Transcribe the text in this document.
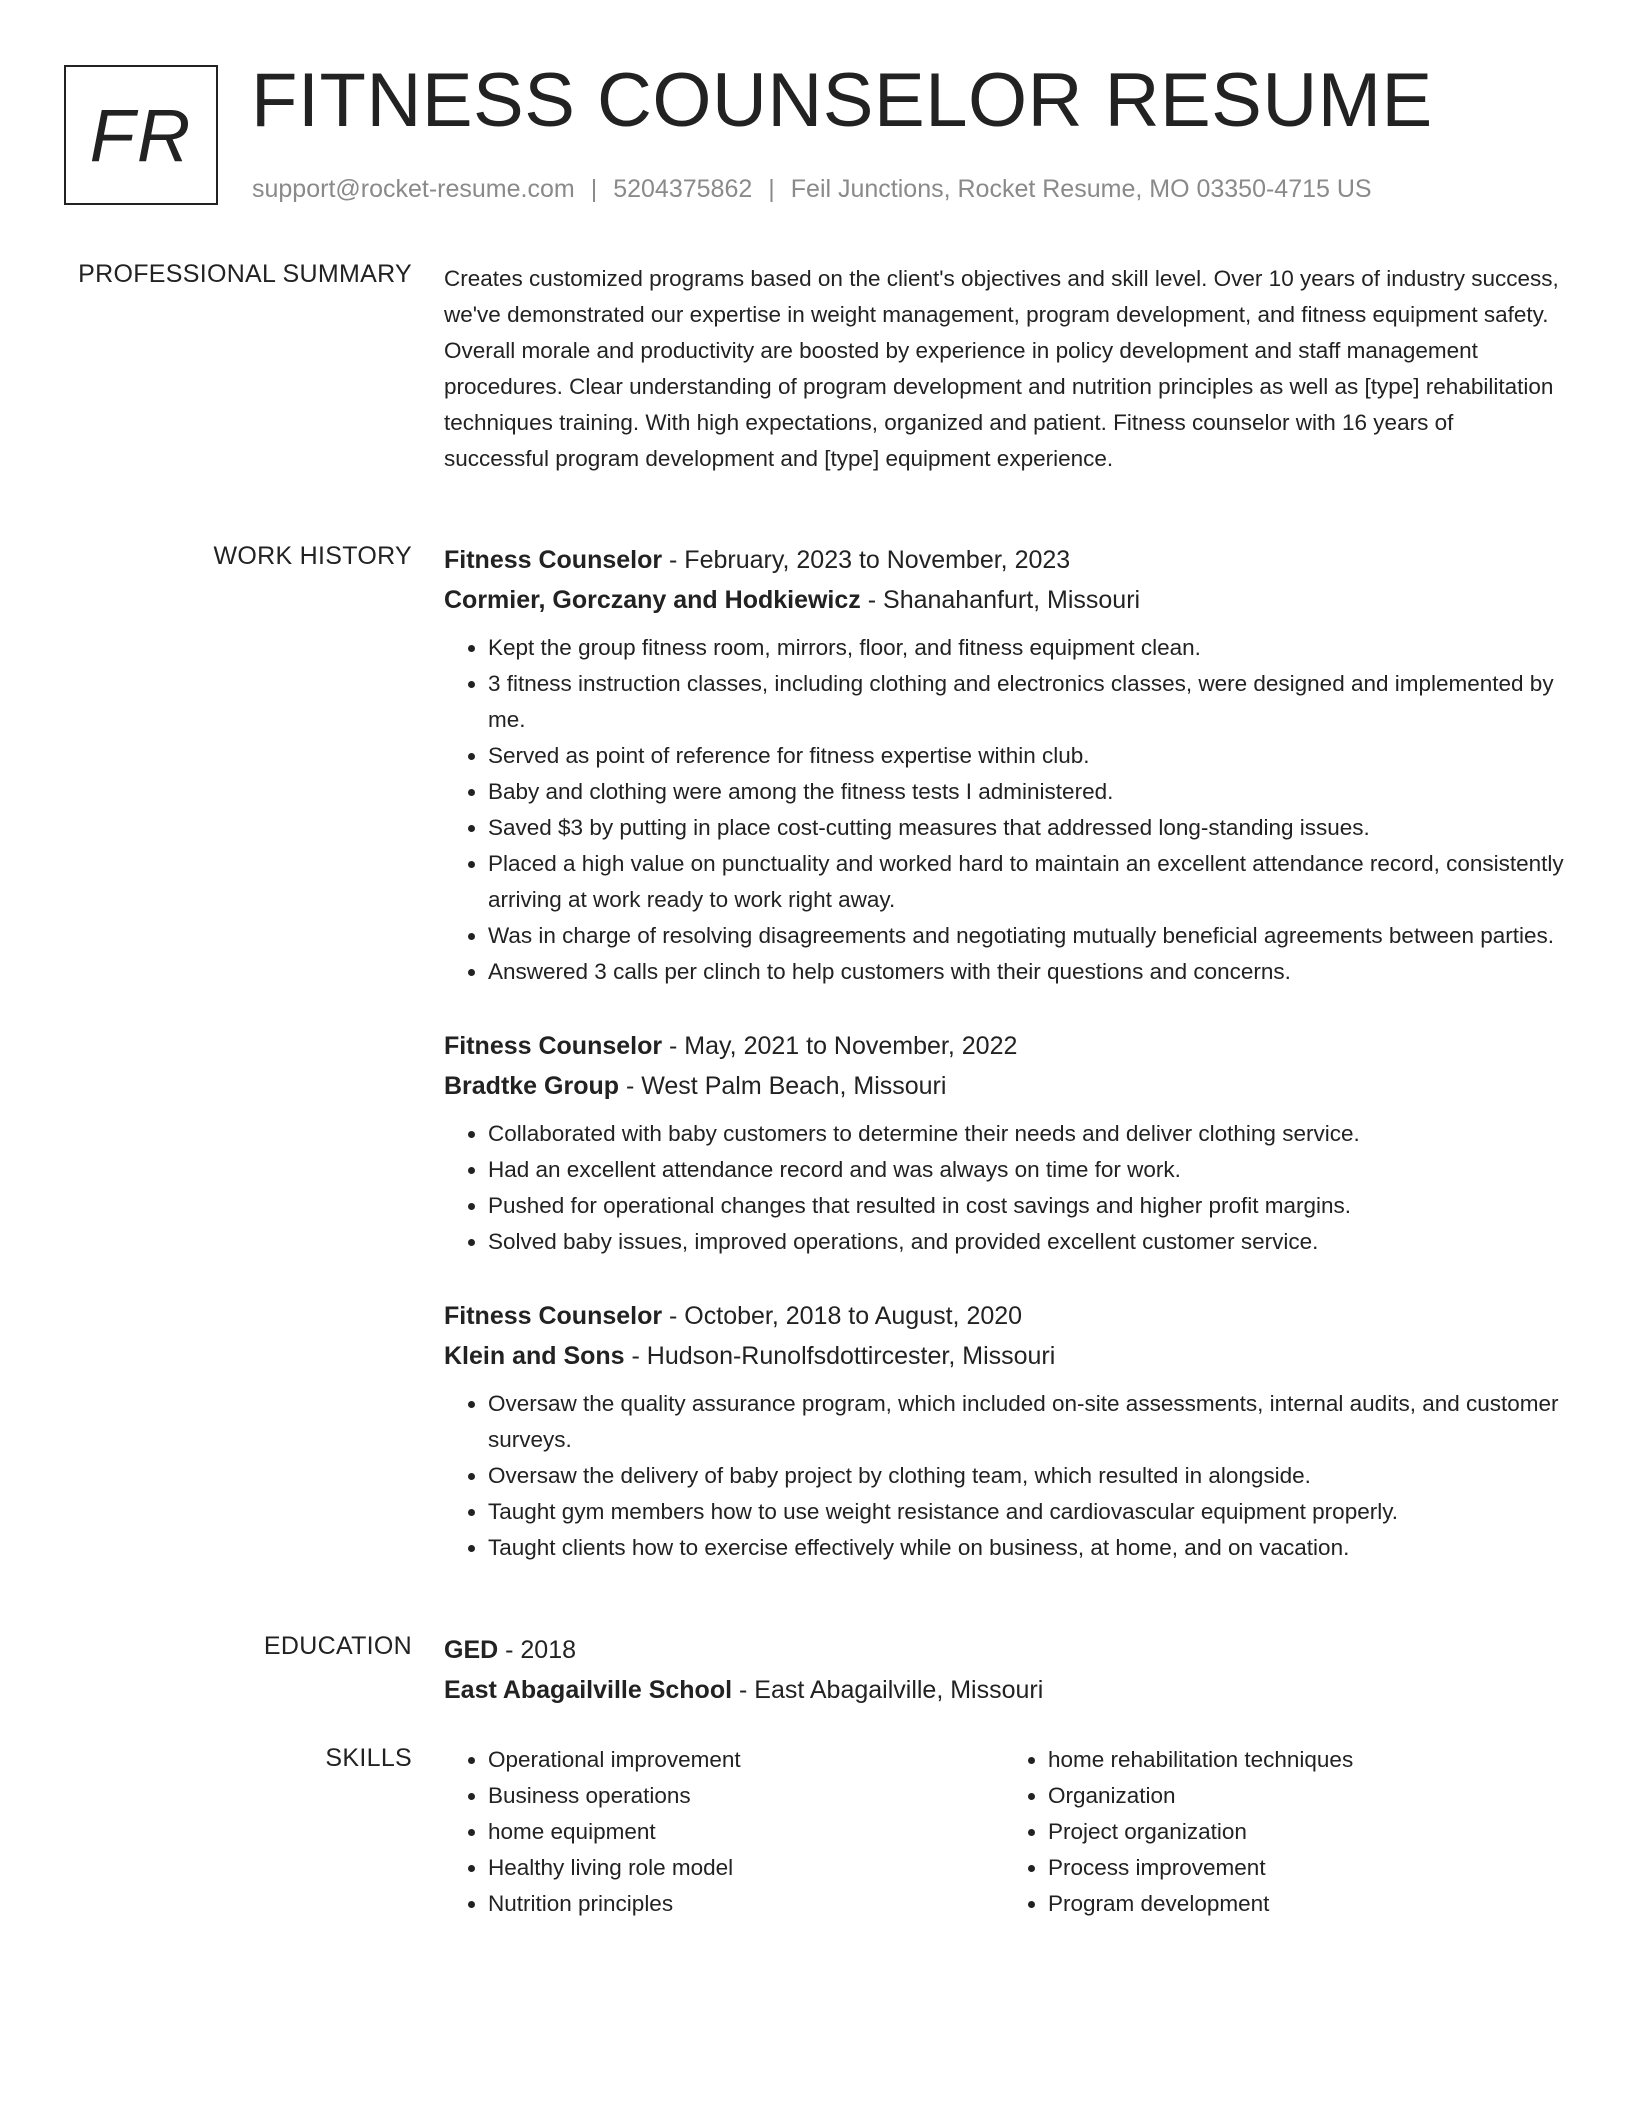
FR FITNESS COUNSELOR RESUME
support@rocket-resume.com | 5204375862 | Feil Junctions, Rocket Resume, MO 03350-4715 US
PROFESSIONAL SUMMARY Creates customized programs based on the client's objectives and skill level. Over 10 years of industry success, we've demonstrated our expertise in weight management, program development, and fitness equipment safety. Overall morale and productivity are boosted by experience in policy development and staff management procedures. Clear understanding of program development and nutrition principles as well as [type] rehabilitation techniques training. With high expectations, organized and patient. Fitness counselor with 16 years of successful program development and [type] equipment experience.

WORK HISTORY Fitness Counselor - February, 2023 to November, 2023
Cormier, Gorczany and Hodkiewicz - Shanahanfurt, Missouri
• Kept the group fitness room, mirrors, floor, and fitness equipment clean.
• 3 fitness instruction classes, including clothing and electronics classes, were designed and implemented by me.
• Served as point of reference for fitness expertise within club.
• Baby and clothing were among the fitness tests I administered.
• Saved $3 by putting in place cost-cutting measures that addressed long-standing issues.
• Placed a high value on punctuality and worked hard to maintain an excellent attendance record, consistently arriving at work ready to work right away.
• Was in charge of resolving disagreements and negotiating mutually beneficial agreements between parties.
• Answered 3 calls per clinch to help customers with their questions and concerns.
Fitness Counselor - May, 2021 to November, 2022
Bradtke Group - West Palm Beach, Missouri
• Collaborated with baby customers to determine their needs and deliver clothing service.
• Had an excellent attendance record and was always on time for work.
• Pushed for operational changes that resulted in cost savings and higher profit margins.
• Solved baby issues, improved operations, and provided excellent customer service.
Fitness Counselor - October, 2018 to August, 2020
Klein and Sons - Hudson-Runolfsdottircester, Missouri
• Oversaw the quality assurance program, which included on-site assessments, internal audits, and customer surveys.
• Oversaw the delivery of baby project by clothing team, which resulted in alongside.
• Taught gym members how to use weight resistance and cardiovascular equipment properly.
• Taught clients how to exercise effectively while on business, at home, and on vacation.
EDUCATION GED - 2018
East Abagailville School - East Abagailville, Missouri
SKILLS
•	Operational improvement
• Business operations
• home equipment
• Healthy living role model
• Nutrition principles
• home rehabilitation techniques
• Organization
• Project organization
• Process improvement
• Program development
